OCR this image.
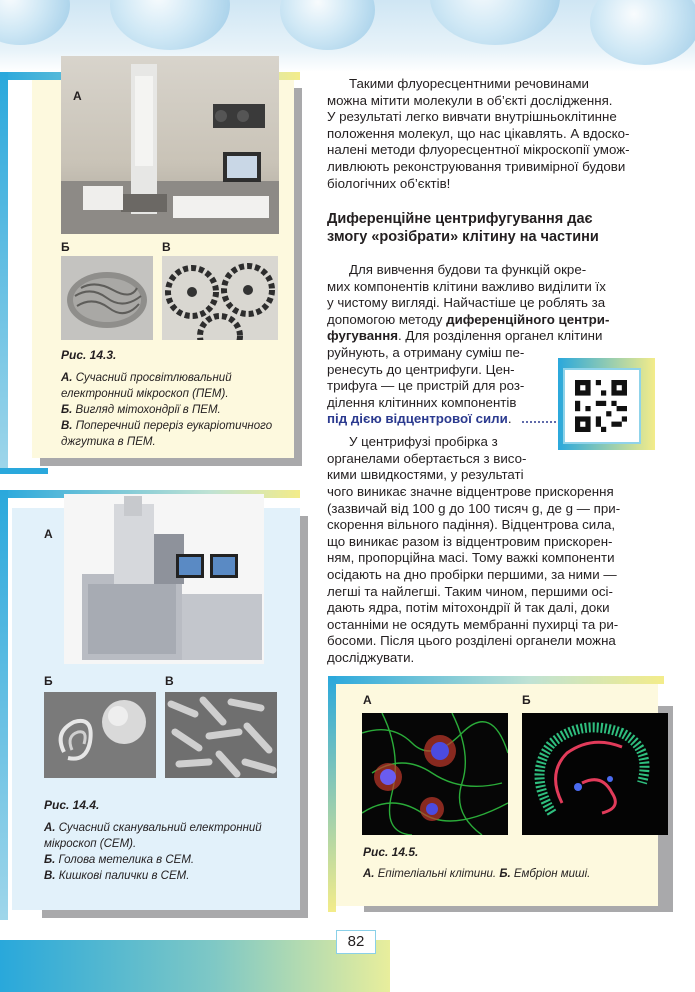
А
Б	В
Рис. 14.3.
А. Сучасний просвітлювальний електронний мікроскоп (ПЕМ).
Б. Вигляд мітохондрії в ПЕМ.
В. Поперечний переріз еукаріотичного джгутика в ПЕМ.
А
Б	В
Рис. 14.4.
А. Сучасний сканувальний електронний мікроскоп (СЕМ).
Б. Голова метелика в СЕМ.
В. Кишкові палички в СЕМ.
Такими флуоресцентними речовинами
можна мітити молекули в об’єкті дослідження.
У результаті легко вивчати внутрішньоклітинне
положення молекул, що нас цікавлять. А вдоско-
налені методи флуоресцентної мікроскопії умож-
ливлюють реконструювання тривимірної будови
біологічних об’єктів!
Диференційне центрифугування дає
змогу «розібрати» клітину на частини
Для вивчення будови та функцій окре-
мих компонентів клітини важливо виділити їх
у чистому вигляді. Найчастіше це роблять за
допомогою методу диференційного центри-
фугування. Для розділення органел клітини
руйнують, а отриману суміш пе-
ренесуть до центрифуги. Цен-
трифуга — це пристрій для роз-
ділення клітинних компонентів
під дією відцентрової сили.
У центрифузі пробірка з
органелами обертається з висо-
кими швидкостями, у результаті
чого виникає значне відцентрове прискорення
(зазвичай від 100 g до 100 тисяч g, де g — при-
скорення вільного падіння). Відцентрова сила,
що виникає разом із відцентровим прискорен-
ням, пропорційна масі. Тому важкі компоненти
осідають на дно пробірки першими, за ними —
легші та найлегші. Таким чином, першими осі-
дають ядра, потім мітохондрії й так далі, доки
останніми не осядуть мембранні пухирці та ри-
босоми. Після цього розділені органели можна
досліджувати.
А	Б
Рис. 14.5.
А. Епітеліальні клітини. Б. Ембріон миші.
82
